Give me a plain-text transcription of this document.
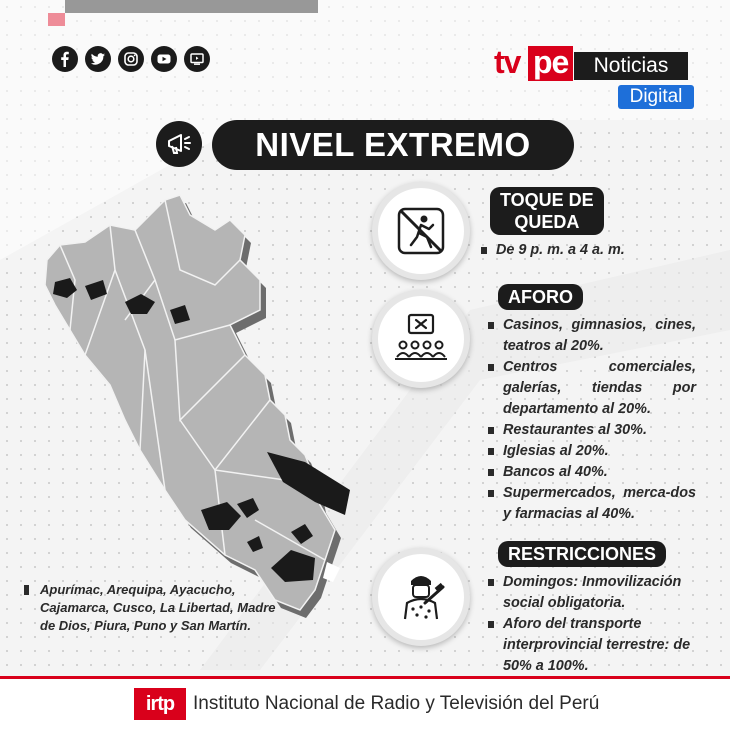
tv pe	Noticias
Digital
NIVEL EXTREMO
TOQUE DE
QUEDA
De 9 p. m. a 4 a. m.
AFORO
Casinos, gimnasios, cines, teatros al 20%.
Centros comerciales, galerías, tiendas por departamento al 20%.
Restaurantes al 30%.
Iglesias al 20%.
Bancos al 40%.
Supermercados, merca-dos y farmacias al 40%.
RESTRICCIONES
Domingos: Inmovilización social obligatoria.
Aforo del transporte interprovincial terrestre: de 50% a 100%.
Apurímac, Arequipa, Ayacucho, Cajamarca, Cusco, La Libertad, Madre de Dios, Piura, Puno y San Martín.
irtp Instituto Nacional de Radio y Televisión del Perú
